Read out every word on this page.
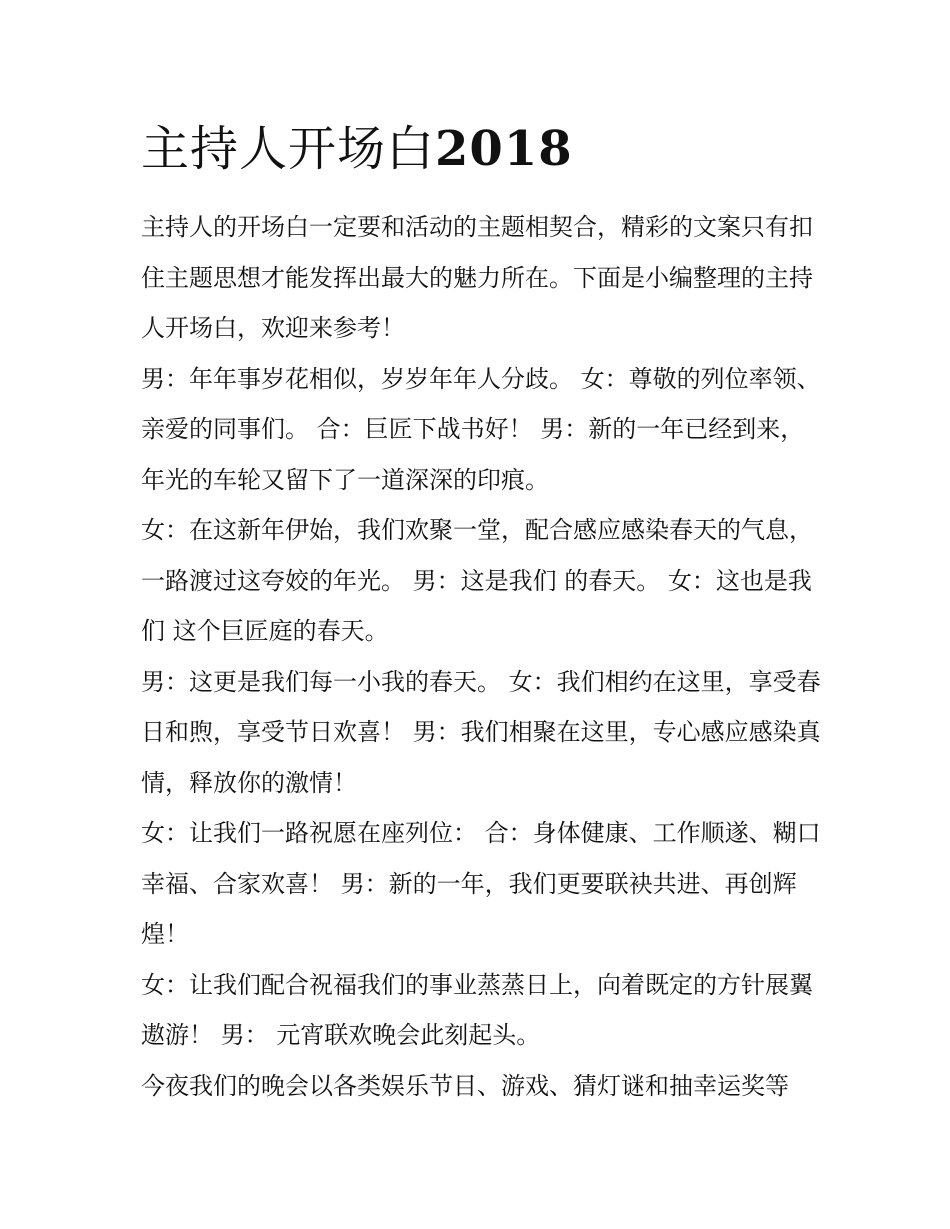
主持人开场白2018

主持人的开场白一定要和活动的主题相契合，精彩的文案只有扣住主题思想才能发挥出最大的魅力所在。下面是小编整理的主持人开场白，欢迎来参考！

男：年年事岁花相似，岁岁年年人分歧。 女：尊敬的列位率领、亲爱的同事们。 合：巨匠下战书好！ 男：新的一年已经到来，年光的车轮又留下了一道深深的印痕。

女：在这新年伊始，我们欢聚一堂，配合感应感染春天的气息，一路渡过这夸姣的年光。 男：这是我们 的春天。 女：这也是我们 这个巨匠庭的春天。

男：这更是我们每一小我的春天。 女：我们相约在这里，享受春日和煦，享受节日欢喜！ 男：我们相聚在这里，专心感应感染真情，释放你的激情！

女：让我们一路祝愿在座列位： 合：身体健康、工作顺遂、糊口幸福、合家欢喜！ 男：新的一年，我们更要联袂共进、再创辉煌！

女：让我们配合祝福我们的事业蒸蒸日上，向着既定的方针展翼遨游！ 男： 元宵联欢晚会此刻起头。

今夜我们的晚会以各类娱乐节目、游戏、猜灯谜和抽幸运奖等
